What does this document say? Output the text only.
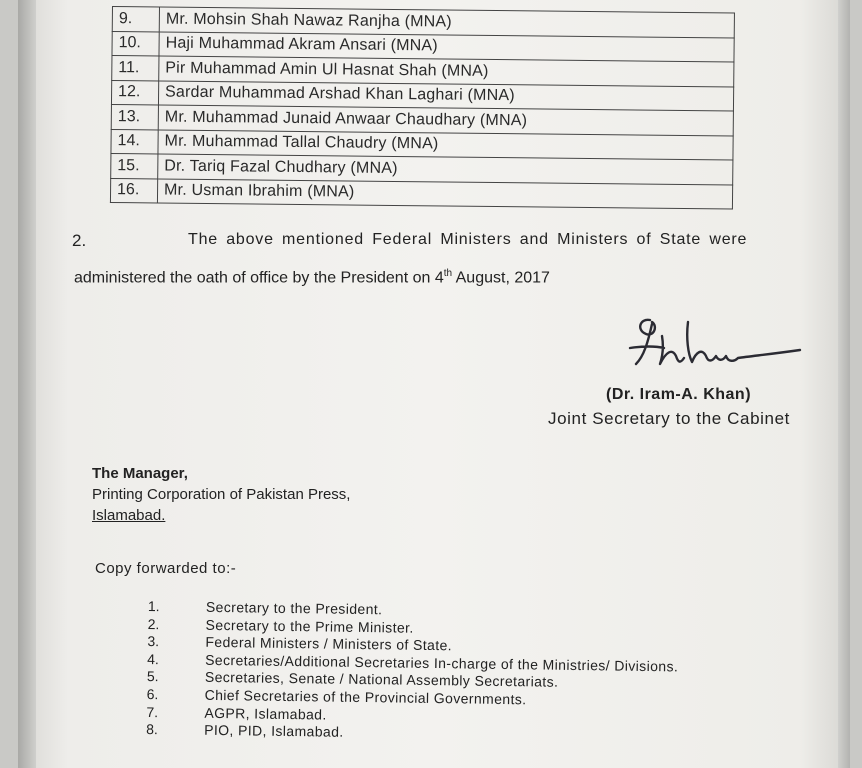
9.	Mr. Mohsin Shah Nawaz Ranjha (MNA)
10.	Haji Muhammad Akram Ansari (MNA)
11.	Pir Muhammad Amin Ul Hasnat Shah (MNA)
12.	Sardar Muhammad Arshad Khan Laghari (MNA)
13.	Mr. Muhammad Junaid Anwaar Chaudhary (MNA)
14.	Mr. Muhammad Tallal Chaudry (MNA)
15.	Dr. Tariq Fazal Chudhary (MNA)
16.	Mr. Usman Ibrahim (MNA)
2.	The above mentioned Federal Ministers and Ministers of State were
administered the oath of office by the President on 4th August, 2017
(Dr. Iram-A. Khan)
Joint Secretary to the Cabinet
The Manager,
Printing Corporation of Pakistan Press,
Islamabad.
Copy forwarded to:-
1.	Secretary to the President.
2.	Secretary to the Prime Minister.
3.	Federal Ministers / Ministers of State.
4.	Secretaries/Additional Secretaries In-charge of the Ministries/ Divisions.
5.	Secretaries, Senate / National Assembly Secretariats.
6.	Chief Secretaries of the Provincial Governments.
7.	AGPR, Islamabad.
8.	PIO, PID, Islamabad.
